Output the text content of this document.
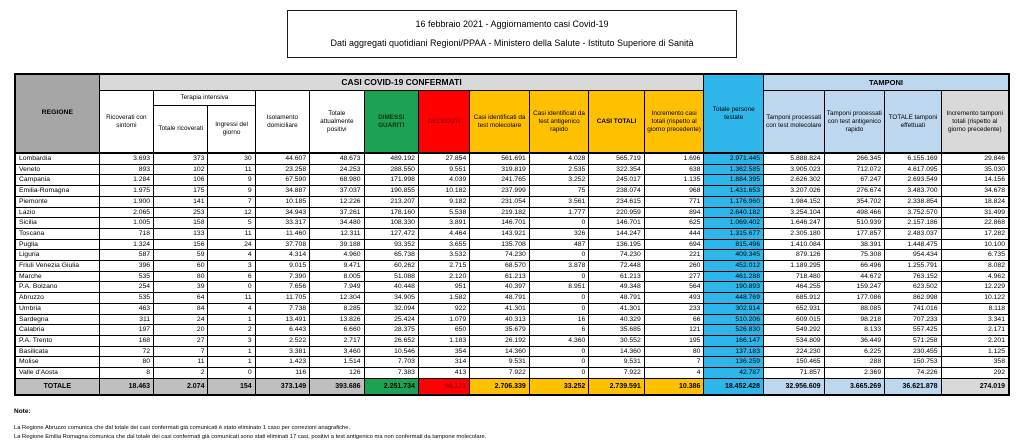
16 febbraio 2021 - Aggiornamento casi Covid-19
Dati aggregati quotidiani Regioni/PPAA - Ministero della Salute - Istituto Superiore di Sanità
REGIONE	CASI COVID-19 CONFERMATI											Totale persone testate	TAMPONI			
	Ricoverati con sintomi	Terapia intensiva		Isolamento domiciliare	Totale attualmente positivi	DIMESSI GUARITI	DECEDUTI	Casi identificati da test molecolare	Casi identificati da test antigenico rapido	CASI TOTALI	Incremento casi totali (rispetto al giorno precedente)		Tamponi processati con test molecolare	Tamponi processati con test antigenico rapido	TOTALE tamponi effettuati	Incremento tamponi totali (rispetto al giorno precedente)
		Totale ricoverati	Ingressi del giorno													
Lombardia	3.693	373	30	44.607	48.673	489.192	27.854	561.691	4.028	565.719	1.696	2.971.445	5.888.824	266.345	6.155.169	29.846
Veneto	893	102	11	23.258	24.253	288.550	9.551	319.819	2.535	322.354	638	1.362.585	3.905.023	712.072	4.617.095	35.030
Campania	1.284	106	9	67.590	68.980	171.998	4.039	241.765	3.252	245.017	1.135	1.884.395	2.626.302	67.247	2.693.549	14.156
Emilia-Romagna	1.975	175	9	34.887	37.037	190.855	10.182	237.999	75	238.074	968	1.431.653	3.207.026	276.674	3.483.700	34.678
Piemonte	1.900	141	7	10.185	12.226	213.207	9.182	231.054	3.561	234.615	771	1.176.960	1.984.152	354.702	2.338.854	18.824
Lazio	2.065	253	12	34.943	37.261	178.160	5.538	219.182	1.777	220.959	894	2.640.182	3.254.104	498.466	3.752.570	31.499
Sicilia	1.005	158	5	33.317	34.480	108.330	3.891	146.701	0	146.701	625	1.069.402	1.646.247	510.939	2.157.186	22.868
Toscana	718	133	11	11.460	12.311	127.472	4.464	143.921	326	144.247	444	1.315.677	2.305.180	177.857	2.483.037	17.282
Puglia	1.324	156	24	37.708	39.188	93.352	3.655	135.708	487	136.195	694	815.496	1.410.084	38.391	1.448.475	10.100
Liguria	587	59	4	4.314	4.960	65.738	3.532	74.230	0	74.230	221	409.345	879.126	75.308	954.434	6.735
Friuli Venezia Giulia	396	60	3	9.015	9.471	60.262	2.715	68.570	3.878	72.448	260	452.012	1.189.295	66.496	1.255.791	8.082
Marche	535	80	6	7.390	8.005	51.088	2.120	61.213	0	61.213	277	461.288	718.480	44.672	763.152	4.962
P.A. Bolzano	254	39	0	7.656	7.949	40.448	951	40.397	8.951	49.348	564	190.893	464.255	159.247	623.502	12.229
Abruzzo	535	64	11	11.705	12.304	34.905	1.582	48.791	0	48.791	493	448.769	685.912	177.086	862.998	10.122
Umbria	463	84	4	7.738	8.285	32.094	922	41.301	0	41.301	233	302.914	652.931	88.085	741.016	8.118
Sardegna	311	24	1	13.491	13.826	25.424	1.079	40.313	16	40.329	66	510.206	609.015	98.218	707.233	3.341
Calabria	197	20	2	6.443	6.660	28.375	650	35.679	6	35.685	121	526.830	549.292	8.133	557.425	2.171
P.A. Trento	168	27	3	2.522	2.717	26.652	1.183	26.192	4.360	30.552	195	166.147	534.809	36.449	571.258	2.201
Basilicata	72	7	1	3.381	3.460	10.546	354	14.360	0	14.360	80	137.183	224.230	6.225	230.455	1.125
Molise	80	11	1	1.423	1.514	7.703	314	9.531	0	9.531	7	136.259	150.465	288	150.753	358
Valle d'Aosta	8	2	0	116	126	7.383	413	7.922	0	7.922	4	42.787	71.857	2.369	74.226	292
TOTALE	18.463	2.074	154	373.149	393.686	2.251.734	94.171	2.706.339	33.252	2.739.591	10.386	18.452.428	32.956.609	3.665.269	36.621.878	274.019
Note:
La Regione Abruzzo comunica che dal totale dei casi confermati già comunicati è stato eliminato 1 caso per correzioni anagrafiche.
La Regione Emilia Romagna comunica che dal totale dei casi confermati già comunicati sono stati eliminati 17 casi, positivi a test antigenico ma non confermati da tampone molecolare.
